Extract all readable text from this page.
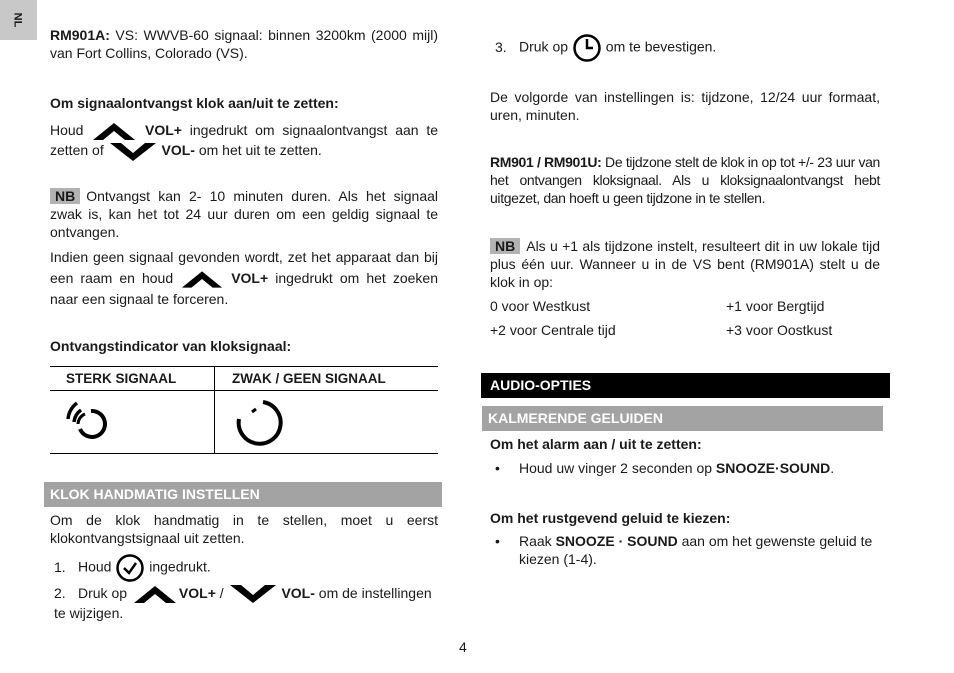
NL
RM901A: VS: WWVB-60 signaal: binnen 3200km (2000 mijl) van Fort Collins, Colorado (VS).
Om signaalontvangst klok aan/uit te zetten:
Houd	VOL+ ingedrukt om signaalontvangst aan te zetten of	VOL- om het uit te zetten.
NB Ontvangst kan 2- 10 minuten duren. Als het signaal zwak is, kan het tot 24 uur duren om een geldig signaal te ontvangen.
Indien geen signaal gevonden wordt, zet het apparaat dan bij een raam en houd	VOL+ ingedrukt om het zoeken naar een signaal te forceren.
Ontvangstindicator van kloksignaal:
STERK SIGNAAL	ZWAK / GEEN SIGNAAL
KLOK HANDMATIG INSTELLEN
Om de klok handmatig in te stellen, moet u eerst klokontvangstsignaal uit zetten.
1. Houd  ingedrukt.
2. Druk op	VOL+ /	VOL- om de instellingen te wijzigen.
3. Druk op  om te bevestigen.
De volgorde van instellingen is: tijdzone, 12/24 uur formaat, uren, minuten.
RM901 / RM901U: De tijdzone stelt de klok in op tot +/- 23 uur van het ontvangen kloksignaal. Als u kloksignaalontvangst hebt uitgezet, dan hoeft u geen tijdzone in te stellen.
NB Als u +1 als tijdzone instelt, resulteert dit in uw lokale tijd plus één uur. Wanneer u in de VS bent (RM901A) stelt u de klok in op:
0 voor Westkust	+1 voor Bergtijd
+2 voor Centrale tijd	+3 voor Oostkust
AUDIO-OPTIES
KALMERENDE GELUIDEN
Om het alarm aan / uit te zetten:
• Houd uw vinger 2 seconden op SNOOZE·SOUND.
Om het rustgevend geluid te kiezen:
•	Raak SNOOZE · SOUND aan om het gewenste geluid te kiezen (1-4).
4
